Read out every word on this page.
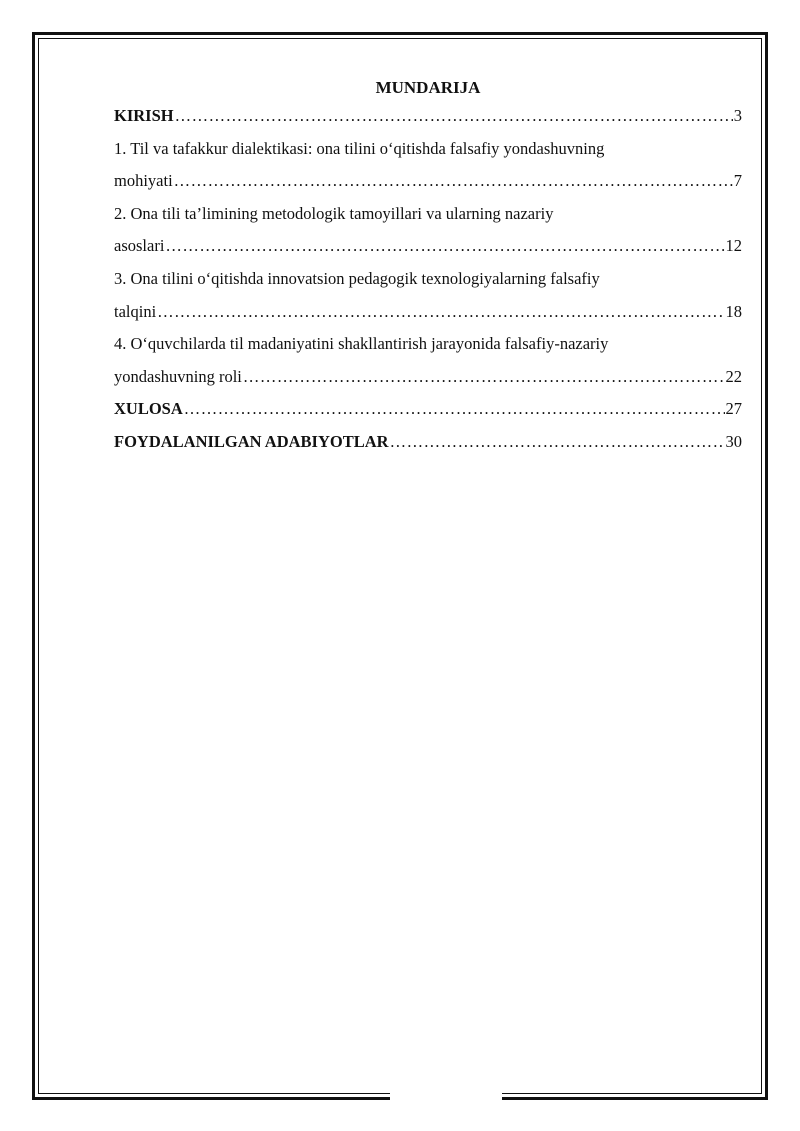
MUNDARIJA
KIRISH ……………………………………………………………………………………………………………………………………………………………………………………	3
1. Til va tafakkur dialektikasi: ona tilini o‘qitishda falsafiy yondashuvning
mohiyati ……………………………………………………………………………………………………………………………………………………………………………………	7
2. Ona tili ta’limining metodologik tamoyillari va ularning nazariy
asoslari ……………………………………………………………………………………………………………………………………………………………………………………	12
3. Ona tilini o‘qitishda innovatsion pedagogik texnologiyalarning falsafiy
talqini ……………………………………………………………………………………………………………………………………………………………………………………	18
4. O‘quvchilarda til madaniyatini shakllantirish jarayonida falsafiy-nazariy
yondashuvning roli ……………………………………………………………………………………………………………………………………………………………………………………	22
XULOSA ……………………………………………………………………………………………………………………………………………………………………………………	27
FOYDALANILGAN ADABIYOTLAR ……………………………………………………………………………………………………………………………………………………………………………………	30
